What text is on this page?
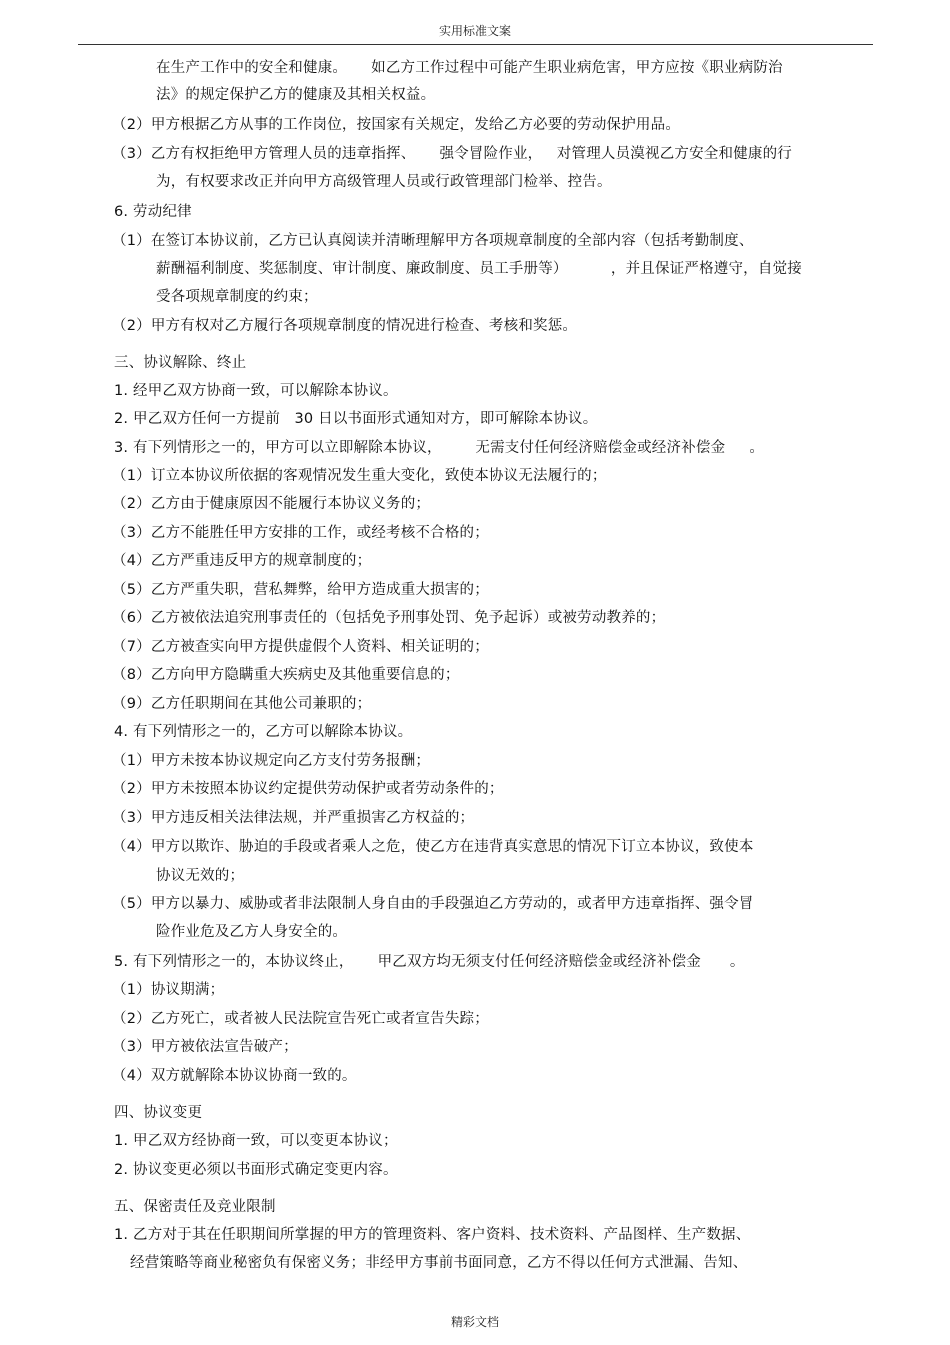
实用标准文案
在生产工作中的安全和健康。     如乙方工作过程中可能产生职业病危害，甲方应按《职业病防治
法》的规定保护乙方的健康及其相关权益。
（2）甲方根据乙方从事的工作岗位，按国家有关规定，发给乙方必要的劳动保护用品。
（3）乙方有权拒绝甲方管理人员的违章指挥、     强令冒险作业，   对管理人员漠视乙方安全和健康的行
为，有权要求改正并向甲方高级管理人员或行政管理部门检举、控告。
6. 劳动纪律
（1）在签订本协议前，乙方已认真阅读并清晰理解甲方各项规章制度的全部内容（包括考勤制度、
薪酬福利制度、奖惩制度、审计制度、廉政制度、员工手册等）         ，并且保证严格遵守，自觉接
受各项规章制度的约束；
（2）甲方有权对乙方履行各项规章制度的情况进行检查、考核和奖惩。
三、协议解除、终止
1. 经甲乙双方协商一致，可以解除本协议。
2. 甲乙双方任何一方提前   30 日以书面形式通知对方，即可解除本协议。
3. 有下列情形之一的，甲方可以立即解除本协议，       无需支付任何经济赔偿金或经济补偿金     。
（1）订立本协议所依据的客观情况发生重大变化，致使本协议无法履行的；
（2）乙方由于健康原因不能履行本协议义务的；
（3）乙方不能胜任甲方安排的工作，或经考核不合格的；
（4）乙方严重违反甲方的规章制度的；
（5）乙方严重失职，营私舞弊，给甲方造成重大损害的；
（6）乙方被依法追究刑事责任的（包括免予刑事处罚、免予起诉）或被劳动教养的；
（7）乙方被查实向甲方提供虚假个人资料、相关证明的；
（8）乙方向甲方隐瞒重大疾病史及其他重要信息的；
（9）乙方任职期间在其他公司兼职的；
4. 有下列情形之一的，乙方可以解除本协议。
（1）甲方未按本协议规定向乙方支付劳务报酬；
（2）甲方未按照本协议约定提供劳动保护或者劳动条件的；
（3）甲方违反相关法律法规，并严重损害乙方权益的；
（4）甲方以欺诈、胁迫的手段或者乘人之危，使乙方在违背真实意思的情况下订立本协议，致使本
协议无效的；
（5）甲方以暴力、威胁或者非法限制人身自由的手段强迫乙方劳动的，或者甲方违章指挥、强令冒
险作业危及乙方人身安全的。
5. 有下列情形之一的，本协议终止，     甲乙双方均无须支付任何经济赔偿金或经济补偿金      。
（1）协议期满；
（2）乙方死亡，或者被人民法院宣告死亡或者宣告失踪；
（3）甲方被依法宣告破产；
（4）双方就解除本协议协商一致的。
四、协议变更
1. 甲乙双方经协商一致，可以变更本协议；
2. 协议变更必须以书面形式确定变更内容。
五、保密责任及竞业限制
1. 乙方对于其在任职期间所掌握的甲方的管理资料、客户资料、技术资料、产品图样、生产数据、
经营策略等商业秘密负有保密义务；非经甲方事前书面同意，乙方不得以任何方式泄漏、告知、
精彩文档
